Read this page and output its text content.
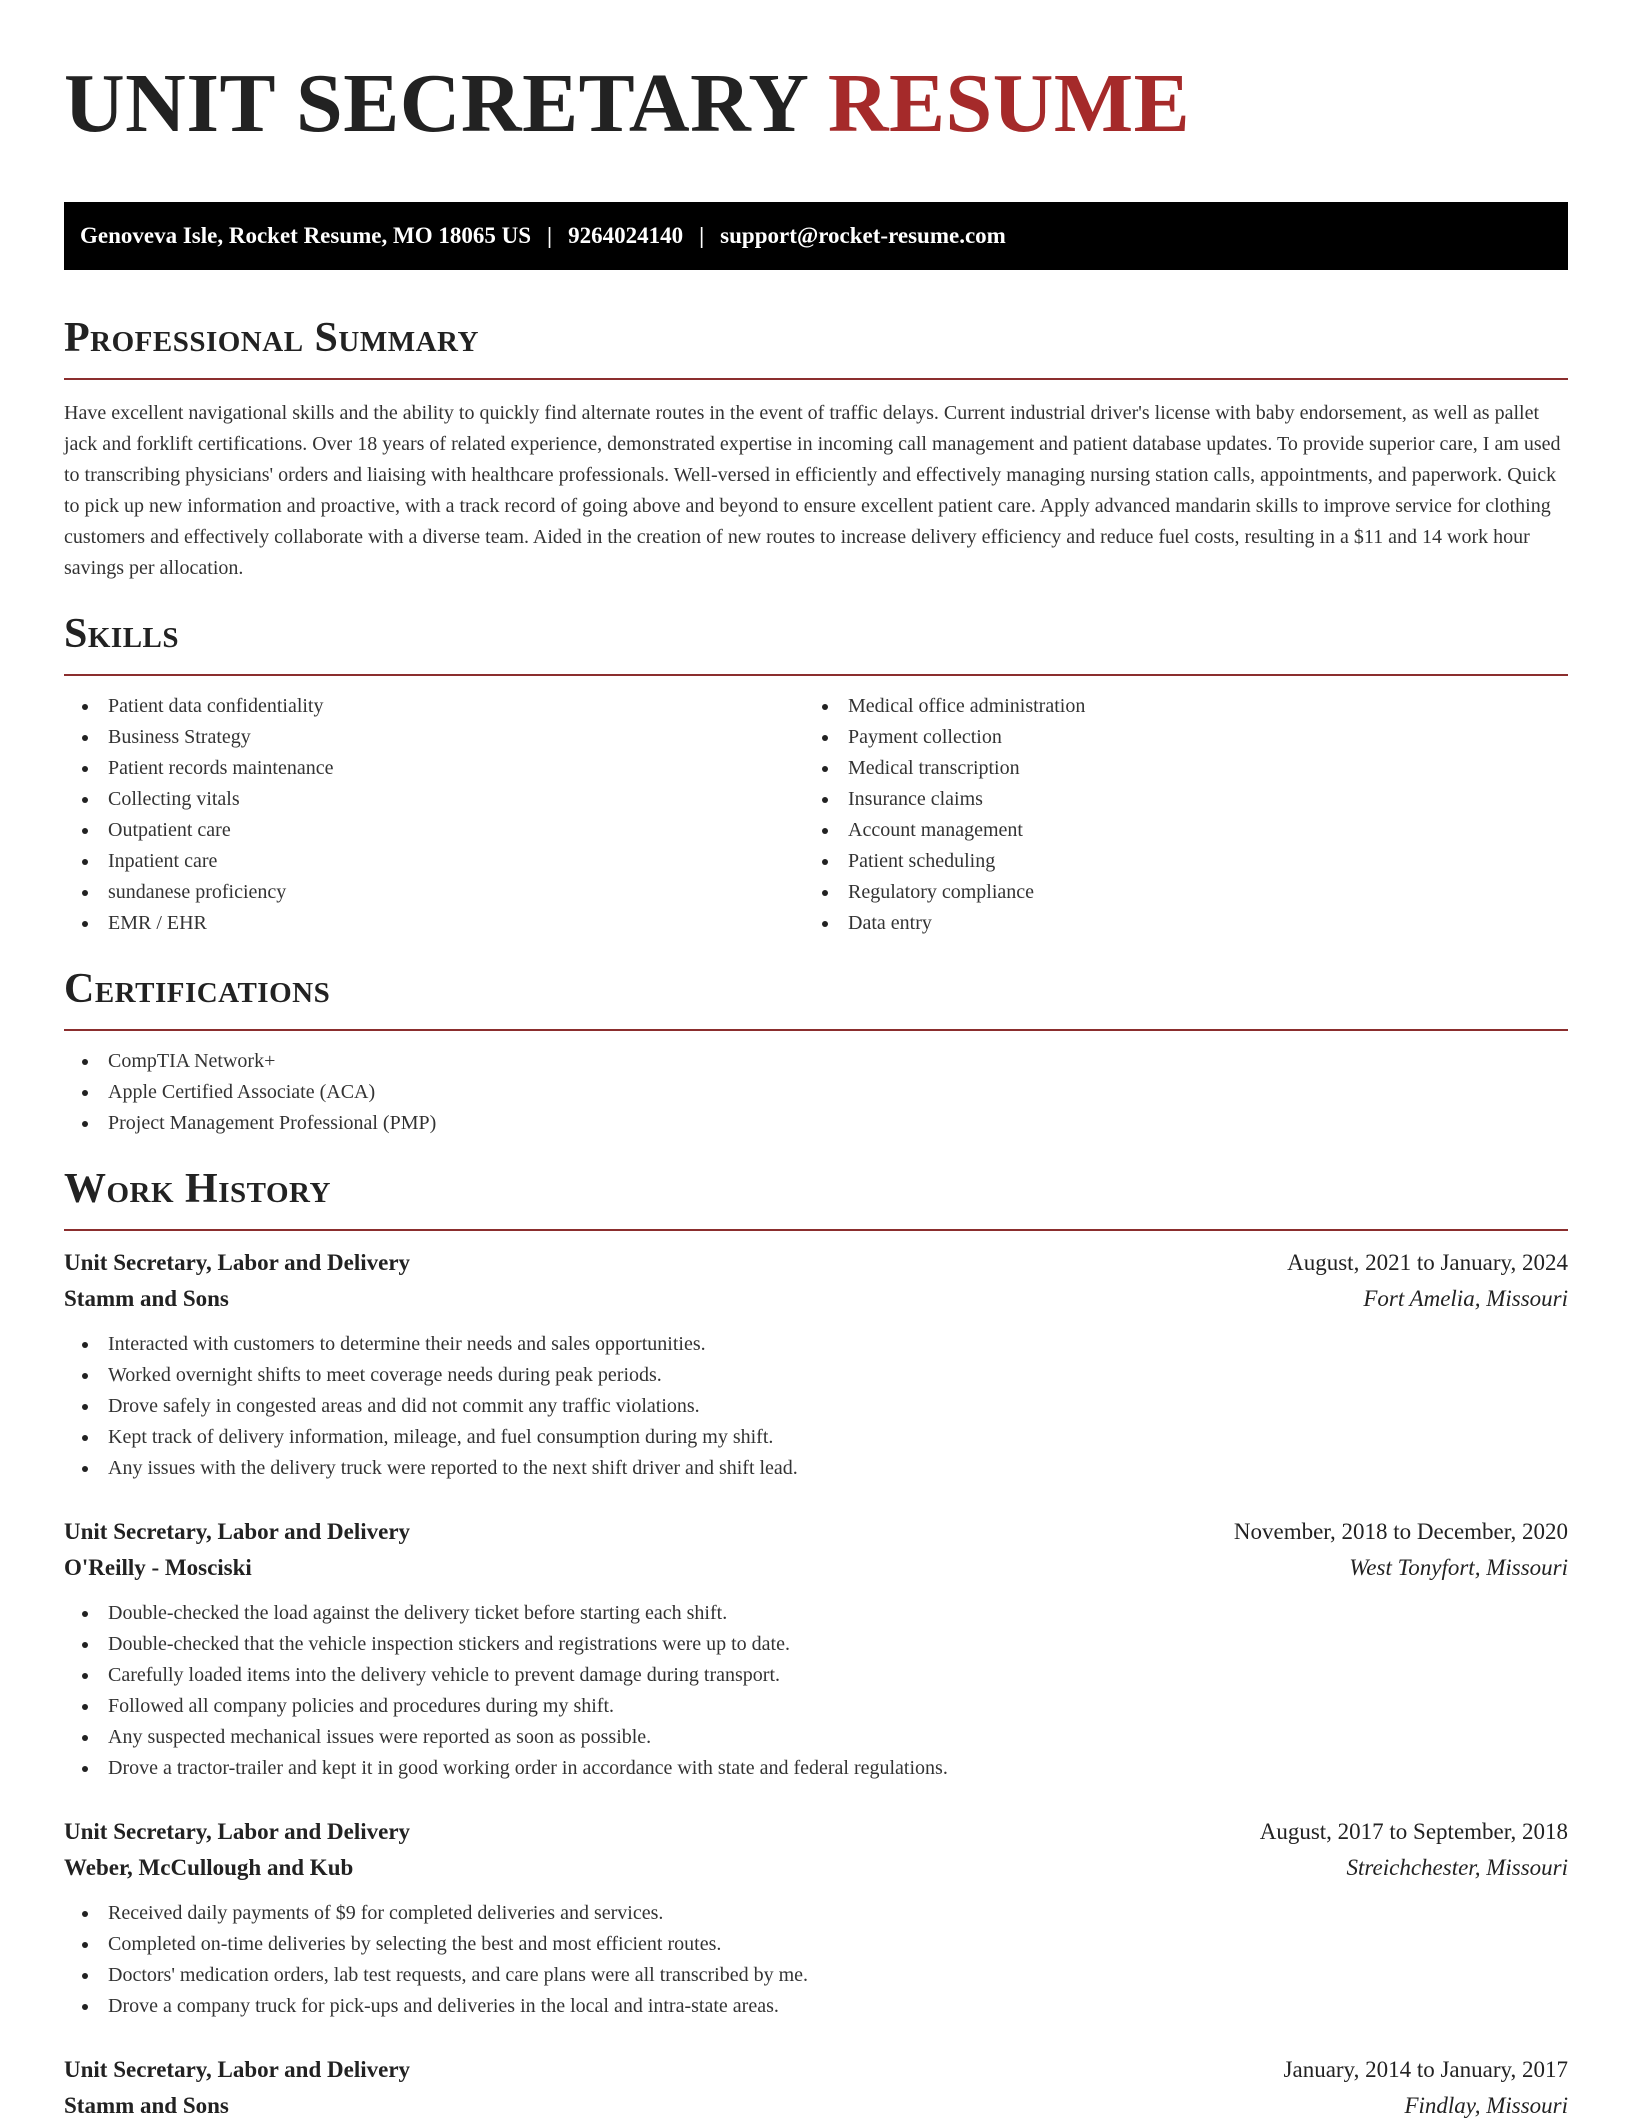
UNIT SECRETARY RESUME
Genoveva Isle, Rocket Resume, MO 18065 US | 9264024140 | support@rocket-resume.com
Professional Summary

Have excellent navigational skills and the ability to quickly find alternate routes in the event of traffic delays. Current industrial driver's license with baby endorsement, as well as pallet jack and forklift certifications. Over 18 years of related experience, demonstrated expertise in incoming call management and patient database updates. To provide superior care, I am used to transcribing physicians' orders and liaising with healthcare professionals. Well-versed in efficiently and effectively managing nursing station calls, appointments, and paperwork. Quick to pick up new information and proactive, with a track record of going above and beyond to ensure excellent patient care. Apply advanced mandarin skills to improve service for clothing customers and effectively collaborate with a diverse team. Aided in the creation of new routes to increase delivery efficiency and reduce fuel costs, resulting in a $11 and 14 work hour savings per allocation.

Skills
Patient data confidentiality
Business Strategy
Patient records maintenance
Collecting vitals
Outpatient care
Inpatient care
sundanese proficiency
EMR / EHR
Medical office administration
Payment collection
Medical transcription
Insurance claims
Account management
Patient scheduling
Regulatory compliance
Data entry
Certifications
CompTIA Network+
Apple Certified Associate (ACA)
Project Management Professional (PMP)
Work History
Unit Secretary, Labor and Delivery	August, 2021 to January, 2024
Stamm and Sons	Fort Amelia, Missouri
Interacted with customers to determine their needs and sales opportunities.
Worked overnight shifts to meet coverage needs during peak periods.
Drove safely in congested areas and did not commit any traffic violations.
Kept track of delivery information, mileage, and fuel consumption during my shift.
Any issues with the delivery truck were reported to the next shift driver and shift lead.
Unit Secretary, Labor and Delivery	November, 2018 to December, 2020
O'Reilly - Mosciski	West Tonyfort, Missouri
Double-checked the load against the delivery ticket before starting each shift.
Double-checked that the vehicle inspection stickers and registrations were up to date.
Carefully loaded items into the delivery vehicle to prevent damage during transport.
Followed all company policies and procedures during my shift.
Any suspected mechanical issues were reported as soon as possible.
Drove a tractor-trailer and kept it in good working order in accordance with state and federal regulations.
Unit Secretary, Labor and Delivery	August, 2017 to September, 2018
Weber, McCullough and Kub	Streichchester, Missouri
Received daily payments of $9 for completed deliveries and services.
Completed on-time deliveries by selecting the best and most efficient routes.
Doctors' medication orders, lab test requests, and care plans were all transcribed by me.
Drove a company truck for pick-ups and deliveries in the local and intra-state areas.
Unit Secretary, Labor and Delivery	January, 2014 to January, 2017
Stamm and Sons	Findlay, Missouri
